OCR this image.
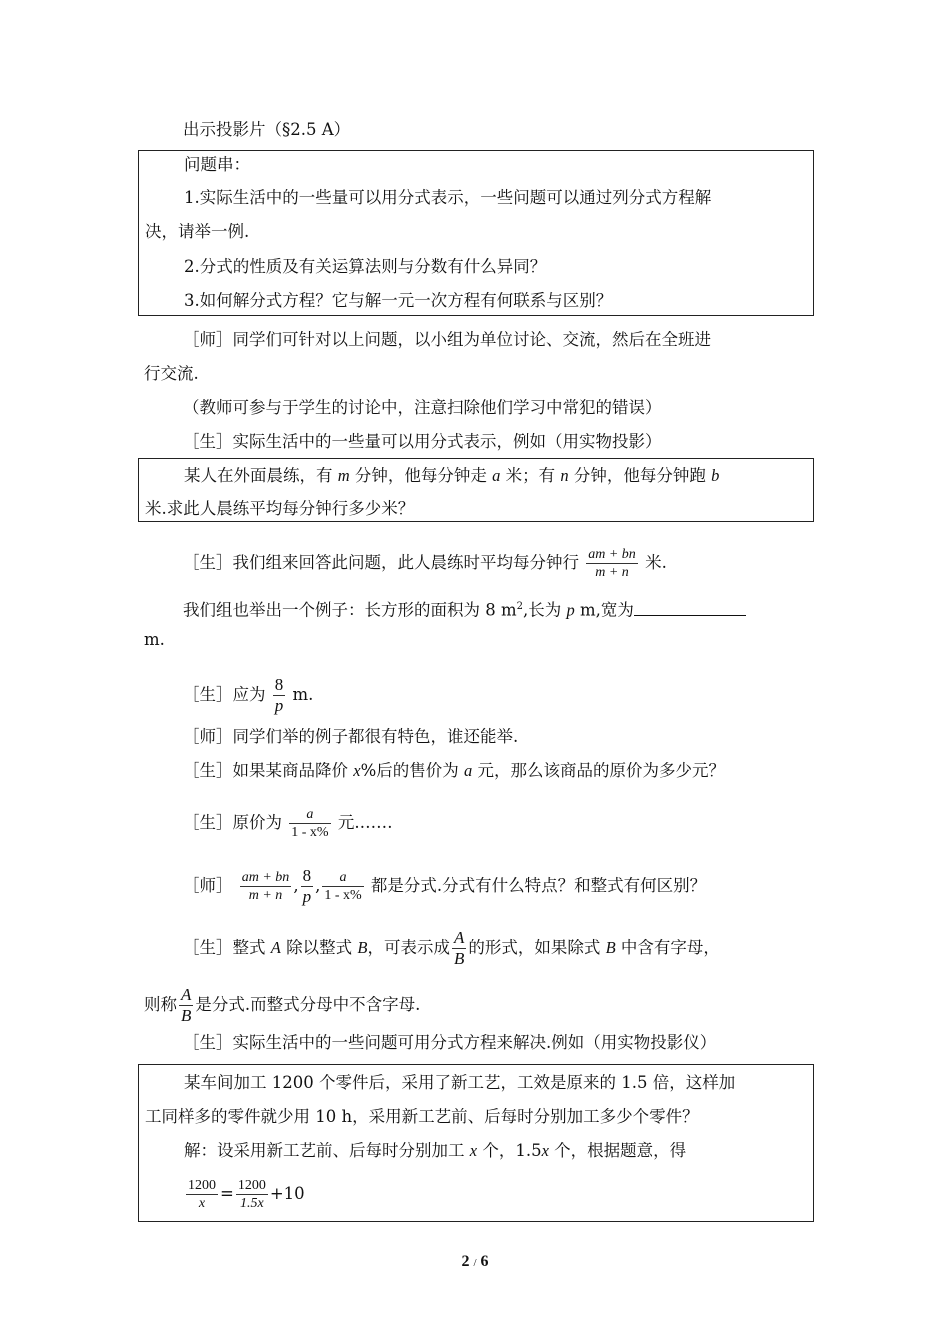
出示投影片（§2.5 A）
问题串：
1.实际生活中的一些量可以用分式表示，一些问题可以通过列分式方程解
决，请举一例.
2.分式的性质及有关运算法则与分数有什么异同？
3.如何解分式方程？它与解一元一次方程有何联系与区别？
［师］同学们可针对以上问题，以小组为单位讨论、交流，然后在全班进
行交流.
（教师可参与于学生的讨论中，注意扫除他们学习中常犯的错误）
［生］实际生活中的一些量可以用分式表示，例如（用实物投影）
某人在外面晨练，有 m 分钟，他每分钟走 a 米；有 n 分钟，他每分钟跑 b
米.求此人晨练平均每分钟行多少米？
［生］我们组来回答此问题，此人晨练时平均每分钟行 $\frac{am + bn}{m + n}$ 米.
我们组也举出一个例子：长方形的面积为 8 $m^2$,长为 p m,宽为
m.
［生］应为 $\frac{8}{p} m$.
［师］同学们举的例子都很有特色，谁还能举.
［生］如果某商品降价 x%后的售价为 a 元，那么该商品的原价为多少元？
［生］原价为 $\frac{a}{1 - x\%}$ 元.……
［师］ $\frac{am + bn}{m + n}$ , $\frac{8}{p}$ , $\frac{a}{1 - x\%}$ 都是分式.分式有什么特点？和整式有何区别？
［生］整式 A 除以整式 B，可表示成 $\frac{A}{B}$ 的形式，如果除式 B 中含有字母，
则称 $\frac{A}{B}$ 是分式.而整式分母中不含字母.
［生］实际生活中的一些问题可用分式方程来解决.例如（用实物投影仪）
某车间加工 1200 个零件后，采用了新工艺，工效是原来的 1.5 倍，这样加
工同样多的零件就少用 10 h，采用新工艺前、后每时分别加工多少个零件？
解：设采用新工艺前、后每时分别加工 x 个，1.5x 个，根据题意，得
$\frac{1200}{x} = \frac{1200}{1.5x} +10$
2 / 6
